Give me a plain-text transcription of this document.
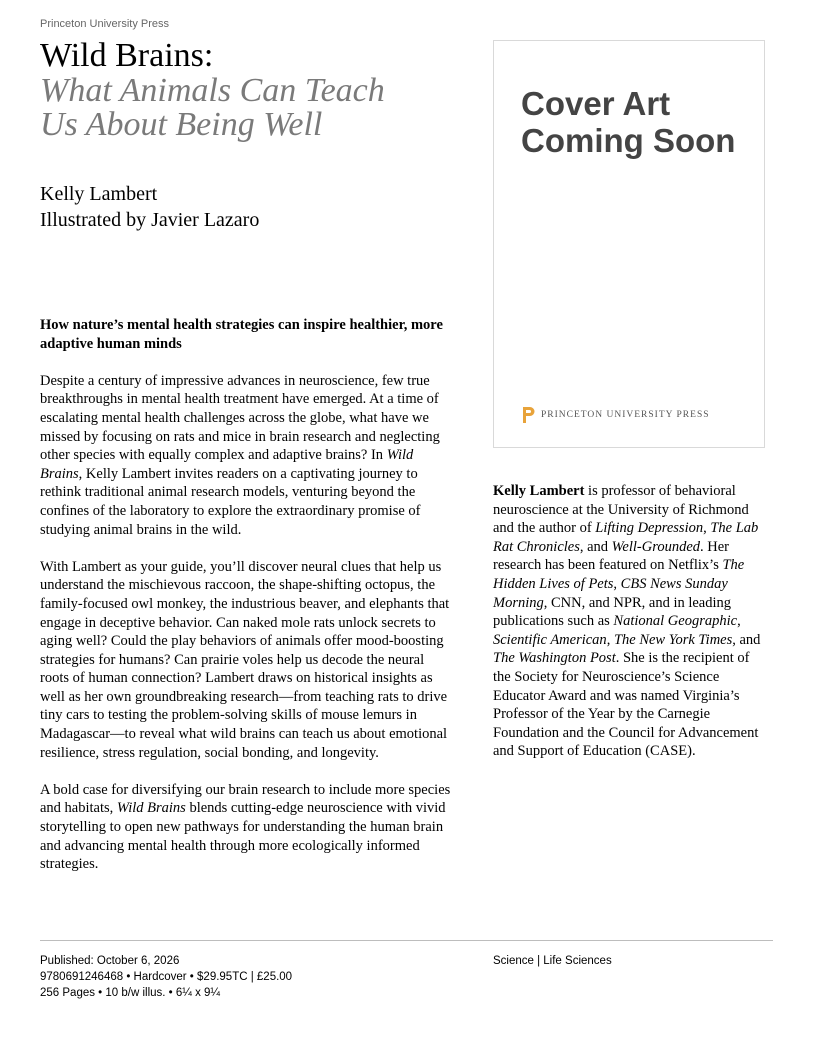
Princeton University Press
Wild Brains:
What Animals Can Teach
Us About Being Well
Kelly Lambert
Illustrated by Javier Lazaro

How nature’s mental health strategies can inspire healthier, more
adaptive human minds

Despite a century of impressive advances in neuroscience, few true
breakthroughs in mental health treatment have emerged. At a time of
escalating mental health challenges across the globe, what have we
missed by focusing on rats and mice in brain research and neglecting
other species with equally complex and adaptive brains? In Wild
Brains, Kelly Lambert invites readers on a captivating journey to
rethink traditional animal research models, venturing beyond the
confines of the laboratory to explore the extraordinary promise of
studying animal brains in the wild.

With Lambert as your guide, you’ll discover neural clues that help us
understand the mischievous raccoon, the shape-shifting octopus, the
family-focused owl monkey, the industrious beaver, and elephants that
engage in deceptive behavior. Can naked mole rats unlock secrets to
aging well? Could the play behaviors of animals offer mood-boosting
strategies for humans? Can prairie voles help us decode the neural
roots of human connection? Lambert draws on historical insights as
well as her own groundbreaking research—from teaching rats to drive
tiny cars to testing the problem-solving skills of mouse lemurs in
Madagascar—to reveal what wild brains can teach us about emotional
resilience, stress regulation, social bonding, and longevity.

A bold case for diversifying our brain research to include more species
and habitats, Wild Brains blends cutting-edge neuroscience with vivid
storytelling to open new pathways for understanding the human brain
and advancing mental health through more ecologically informed
strategies.

Cover Art
Coming Soon
PRINCETON UNIVERSITY PRESS

Kelly Lambert is professor of behavioral
neuroscience at the University of Richmond
and the author of Lifting Depression, The Lab
Rat Chronicles, and Well-Grounded. Her
research has been featured on Netflix’s The
Hidden Lives of Pets, CBS News Sunday
Morning, CNN, and NPR, and in leading
publications such as National Geographic,
Scientific American, The New York Times, and
The Washington Post. She is the recipient of
the Society for Neuroscience’s Science
Educator Award and was named Virginia’s
Professor of the Year by the Carnegie
Foundation and the Council for Advancement
and Support of Education (CASE).

Published: October 6, 2026
9780691246468 • Hardcover • $29.95TC | £25.00
256 Pages • 10 b/w illus. • 6¼ x 9¼
Science | Life Sciences
